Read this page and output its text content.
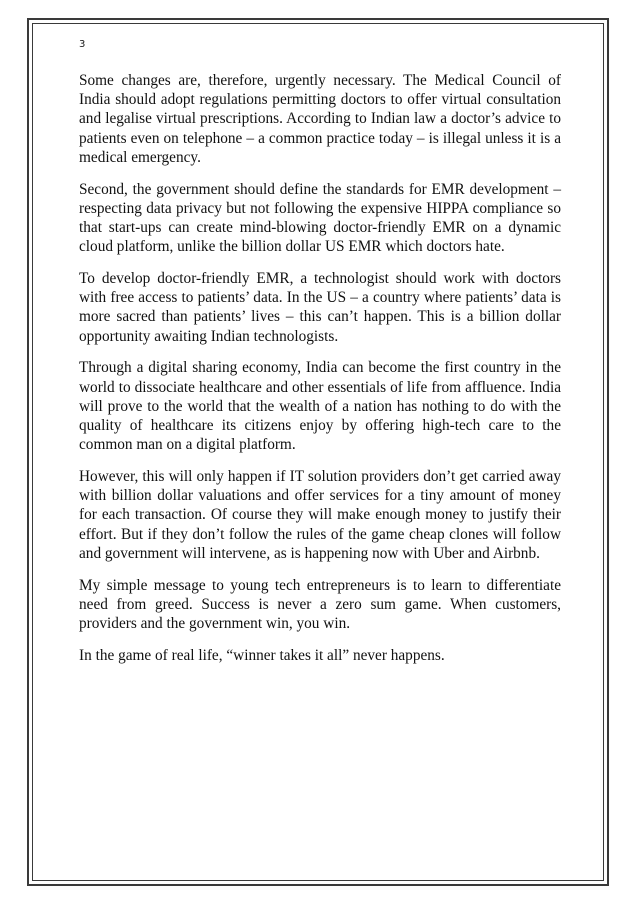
3

Some changes are, therefore, urgently necessary. The Medical Council of India should adopt regulations permitting doctors to offer virtual consultation and legalise virtual prescriptions. According to Indian law a doctor’s advice to patients even on telephone – a common practice today – is illegal unless it is a medical emergency.

Second, the government should define the standards for EMR development – respecting data privacy but not following the expensive HIPPA compliance so that start-ups can create mind-blowing doctor-friendly EMR on a dynamic cloud platform, unlike the billion dollar US EMR which doctors hate.

To develop doctor-friendly EMR, a technologist should work with doctors with free access to patients’ data. In the US – a country where patients’ data is more sacred than patients’ lives – this can’t happen. This is a billion dollar opportunity awaiting Indian technologists.

Through a digital sharing economy, India can become the first country in the world to dissociate healthcare and other essentials of life from affluence. India will prove to the world that the wealth of a nation has nothing to do with the quality of healthcare its citizens enjoy by offering high-tech care to the common man on a digital platform.

However, this will only happen if IT solution providers don’t get carried away with billion dollar valuations and offer services for a tiny amount of money for each transaction. Of course they will make enough money to justify their effort. But if they don’t follow the rules of the game cheap clones will follow and government will intervene, as is happening now with Uber and Airbnb.

My simple message to young tech entrepreneurs is to learn to differentiate need from greed. Success is never a zero sum game. When customers, providers and the government win, you win.

In the game of real life, “winner takes it all” never happens.
